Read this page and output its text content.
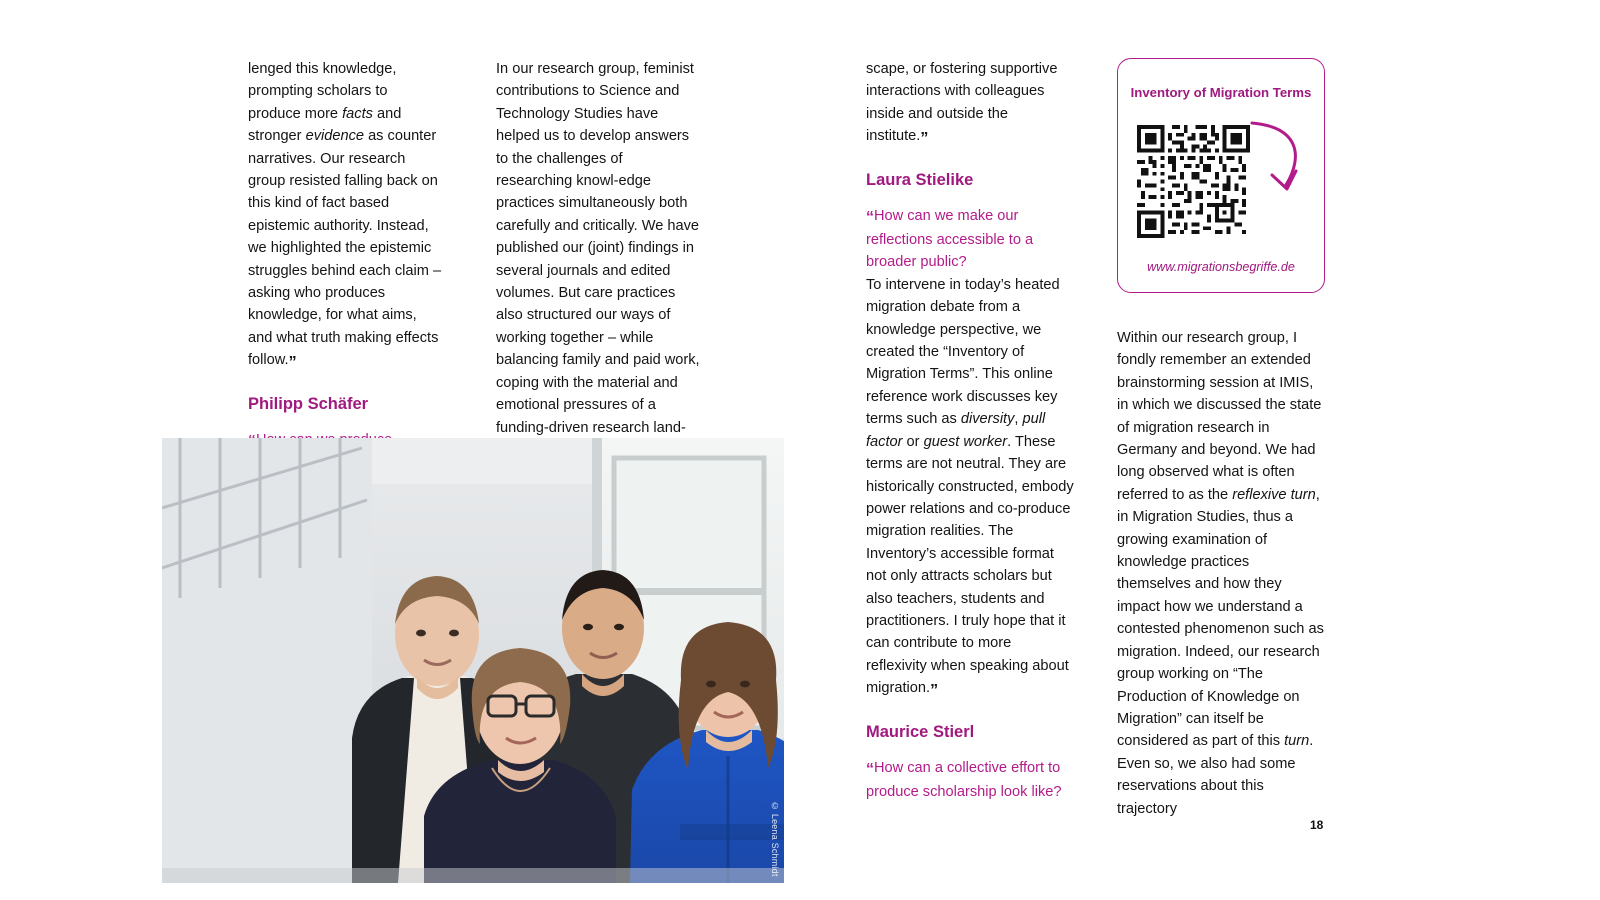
lenged this knowledge, prompting scholars to produce more facts and stronger evidence as counter narratives. Our research group resisted falling back on this kind of fact based epistemic authority. Instead, we highlighted the epistemic struggles behind each claim – asking who produces knowledge, for what aims, and what truth making effects follow.”

Philipp Schäfer

In our research group, feminist contributions to Science and Technology Studies have helped us to develop answers to the challenges of researching knowl-edge practices simultaneously both carefully and critically. We have published our (joint) findings in several journals and edited volumes. But care practices also structured our ways of working together – while balancing family and paid work, coping with the material and emotional pressures of a funding-driven research land-

scape, or fostering supportive interactions with colleagues inside and outside the institute.”

Laura Stielike

“How can we make our reflections accessible to a broader public?

To intervene in today’s heated migration debate from a knowledge perspective, we created the “Inventory of Migration Terms”. This online reference work discusses key terms such as diversity, pull factor or guest worker. These terms are not neutral. They are historically constructed, embody power relations and co-produce migration realities. The Inventory’s accessible format not only attracts scholars but also teachers, students and practitioners. I truly hope that it can contribute to more reflexivity when speaking about migration.”

Maurice Stierl

“How can a collective effort to produce scholarship look like?

Inventory of Migration Terms
www.migrationsbegriffe.de

Within our research group, I fondly remember an extended brainstorming session at IMIS, in which we discussed the state of migration research in Germany and beyond. We had long observed what is often referred to as the reflexive turn, in Migration Studies, thus a growing examination of knowledge practices themselves and how they impact how we understand a contested phenomenon such as migration. Indeed, our research group working on “The Production of Knowledge on Migration” can itself be considered as part of this turn. Even so, we also had some reservations about this trajectory

© Leena Schmidt	18
